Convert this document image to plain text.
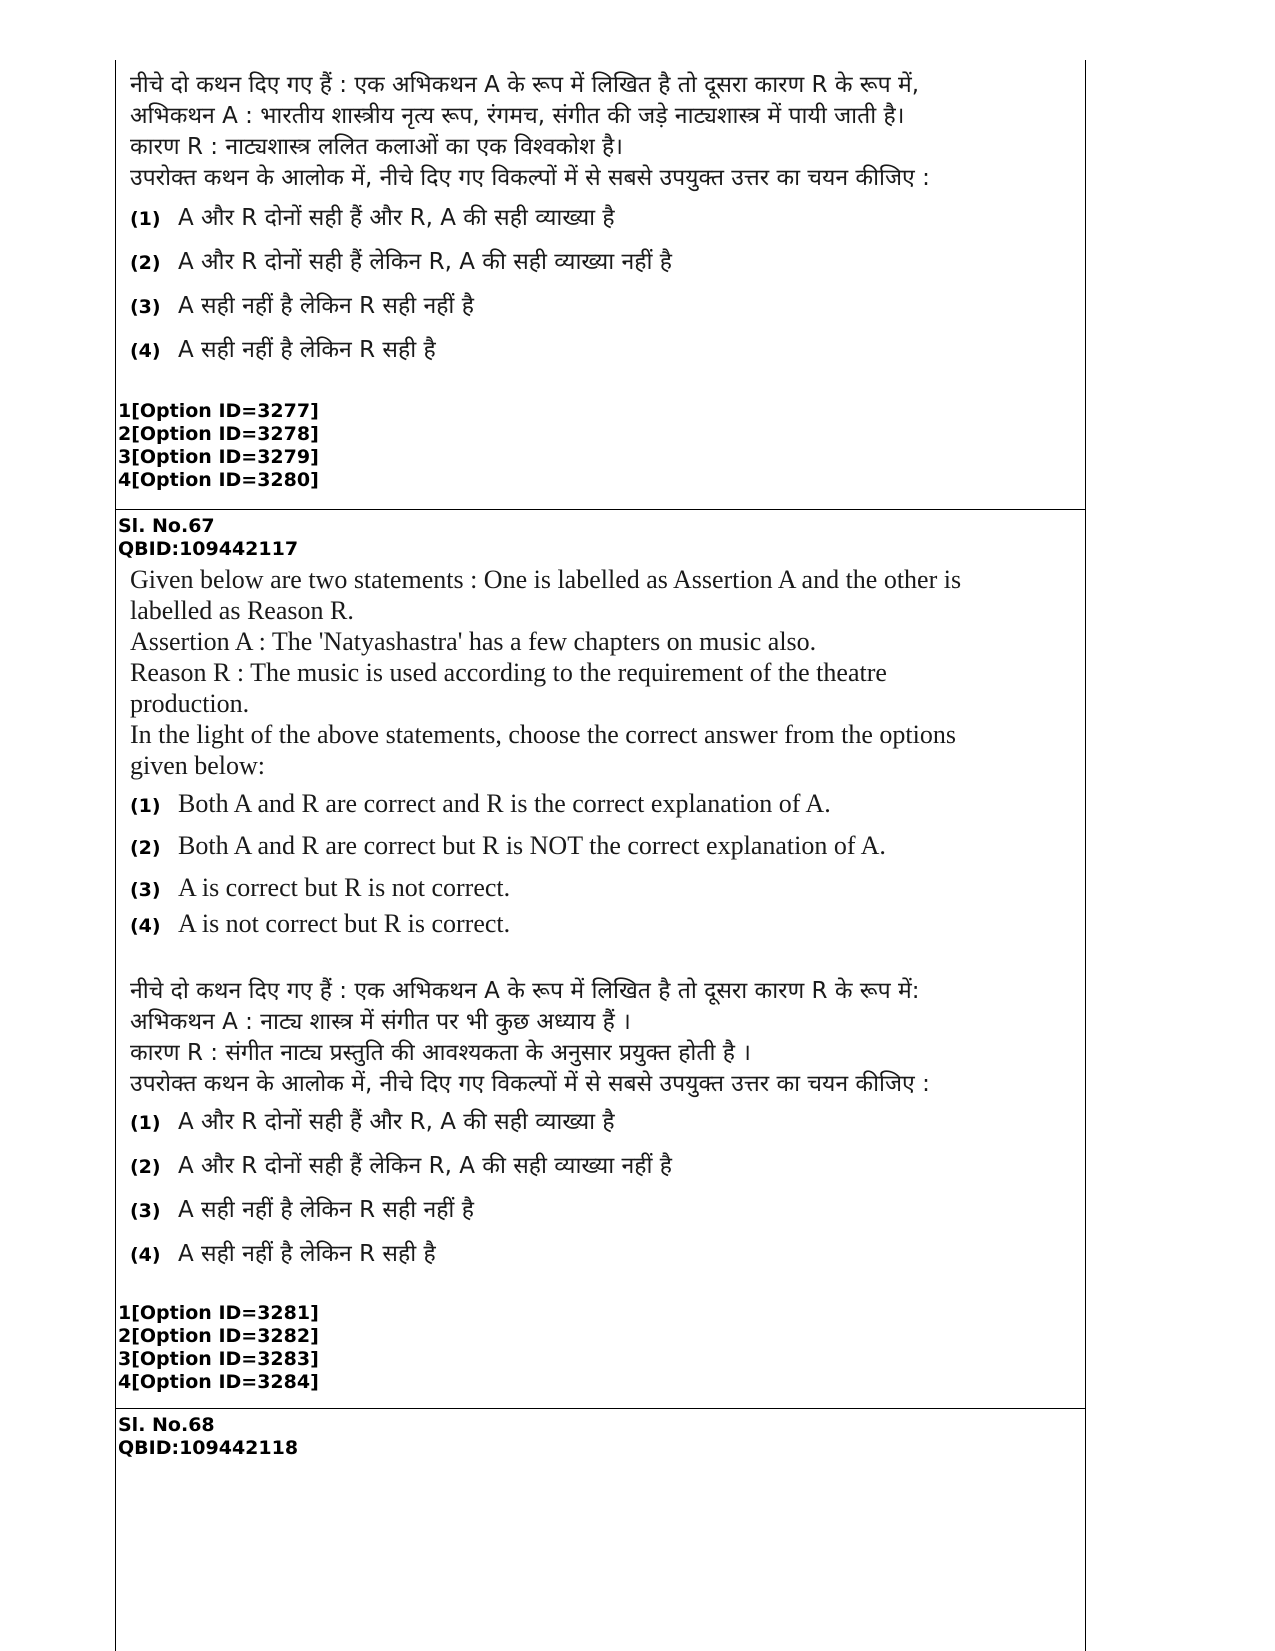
नीचे दो कथन दिए गए हैं : एक अभिकथन A के रूप में लिखित है तो दूसरा कारण R के रूप में,

अभिकथन A : भारतीय शास्त्रीय नृत्य रूप, रंगमच, संगीत की जड़े नाट्यशास्त्र में पायी जाती है।

कारण R : नाट्यशास्त्र ललित कलाओं का एक विश्वकोश है।

उपरोक्त कथन के आलोक में, नीचे दिए गए विकल्पों में से सबसे उपयुक्त उत्तर का चयन कीजिए :

(1) A और R दोनों सही हैं और R, A की सही व्याख्या है
(2) A और R दोनों सही हैं लेकिन R, A की सही व्याख्या नहीं है
(3) A सही नहीं है लेकिन R सही नहीं है
(4) A सही नहीं है लेकिन R सही है

1[Option ID=3277]

2[Option ID=3278]

3[Option ID=3279]

4[Option ID=3280]

Sl. No.67

QBID:109442117

Given below are two statements : One is labelled as Assertion A and the other is

labelled as Reason R.

Assertion A : The 'Natyashastra' has a few chapters on music also.

Reason R : The music is used according to the requirement of the theatre

production.

In the light of the above statements, choose the correct answer from the options

given below:

(1) Both A and R are correct and R is the correct explanation of A.
(2) Both A and R are correct but R is NOT the correct explanation of A.
(3) A is correct but R is not correct.
(4) A is not correct but R is correct.

नीचे दो कथन दिए गए हैं : एक अभिकथन A के रूप में लिखित है तो दूसरा कारण R के रूप में:

अभिकथन A : नाट्य शास्त्र में संगीत पर भी कुछ अध्याय हैं ।

कारण R : संगीत नाट्य प्रस्तुति की आवश्यकता के अनुसार प्रयुक्त होती है ।

उपरोक्त कथन के आलोक में, नीचे दिए गए विकल्पों में से सबसे उपयुक्त उत्तर का चयन कीजिए :

(1) A और R दोनों सही हैं और R, A की सही व्याख्या है
(2) A और R दोनों सही हैं लेकिन R, A की सही व्याख्या नहीं है
(3) A सही नहीं है लेकिन R सही नहीं है
(4) A सही नहीं है लेकिन R सही है

1[Option ID=3281]

2[Option ID=3282]

3[Option ID=3283]

4[Option ID=3284]

Sl. No.68

QBID:109442118
